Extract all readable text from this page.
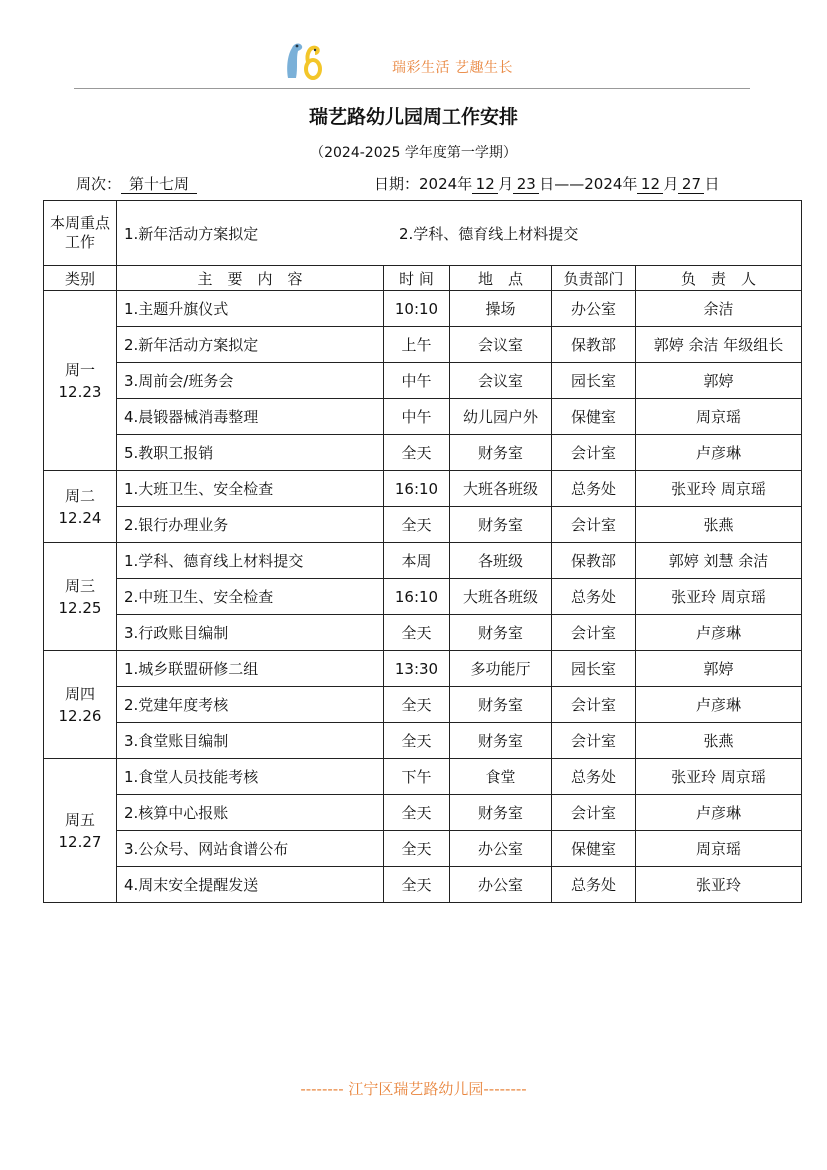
瑞彩生活 艺趣生长
瑞艺路幼儿园周工作安排
（2024-2025 学年度第一学期）
周次： 第十七周	日期：2024年 12 月 23 日——2024年 12 月 27 日
本周重点工作	1.新年活动方案拟定 2.学科、德育线上材料提交				
类别	主　要　内　容	时 间	地　点	负责部门	负　责　人

周一
12.23	1.主题升旗仪式	10:10	操场	办公室	余洁
	2.新年活动方案拟定	上午	会议室	保教部	郭婷 余洁 年级组长
	3.周前会/班务会	中午	会议室	园长室	郭婷
	4.晨锻器械消毒整理	中午	幼儿园户外	保健室	周京瑶
	5.教职工报销	全天	财务室	会计室	卢彦琳

周二
12.24	1.大班卫生、安全检查	16:10	大班各班级	总务处	张亚玲 周京瑶
	2.银行办理业务	全天	财务室	会计室	张燕

周三
12.25	1.学科、德育线上材料提交	本周	各班级	保教部	郭婷 刘慧 余洁
	2.中班卫生、安全检查	16:10	大班各班级	总务处	张亚玲 周京瑶
	3.行政账目编制	全天	财务室	会计室	卢彦琳

周四
12.26	1.城乡联盟研修二组	13:30	多功能厅	园长室	郭婷
	2.党建年度考核	全天	财务室	会计室	卢彦琳
	3.食堂账目编制	全天	财务室	会计室	张燕

周五
12.27	1.食堂人员技能考核	下午	食堂	总务处	张亚玲 周京瑶
	2.核算中心报账	全天	财务室	会计室	卢彦琳
	3.公众号、网站食谱公布	全天	办公室	保健室	周京瑶
	4.周末安全提醒发送	全天	办公室	总务处	张亚玲
-------- 江宁区瑞艺路幼儿园--------
